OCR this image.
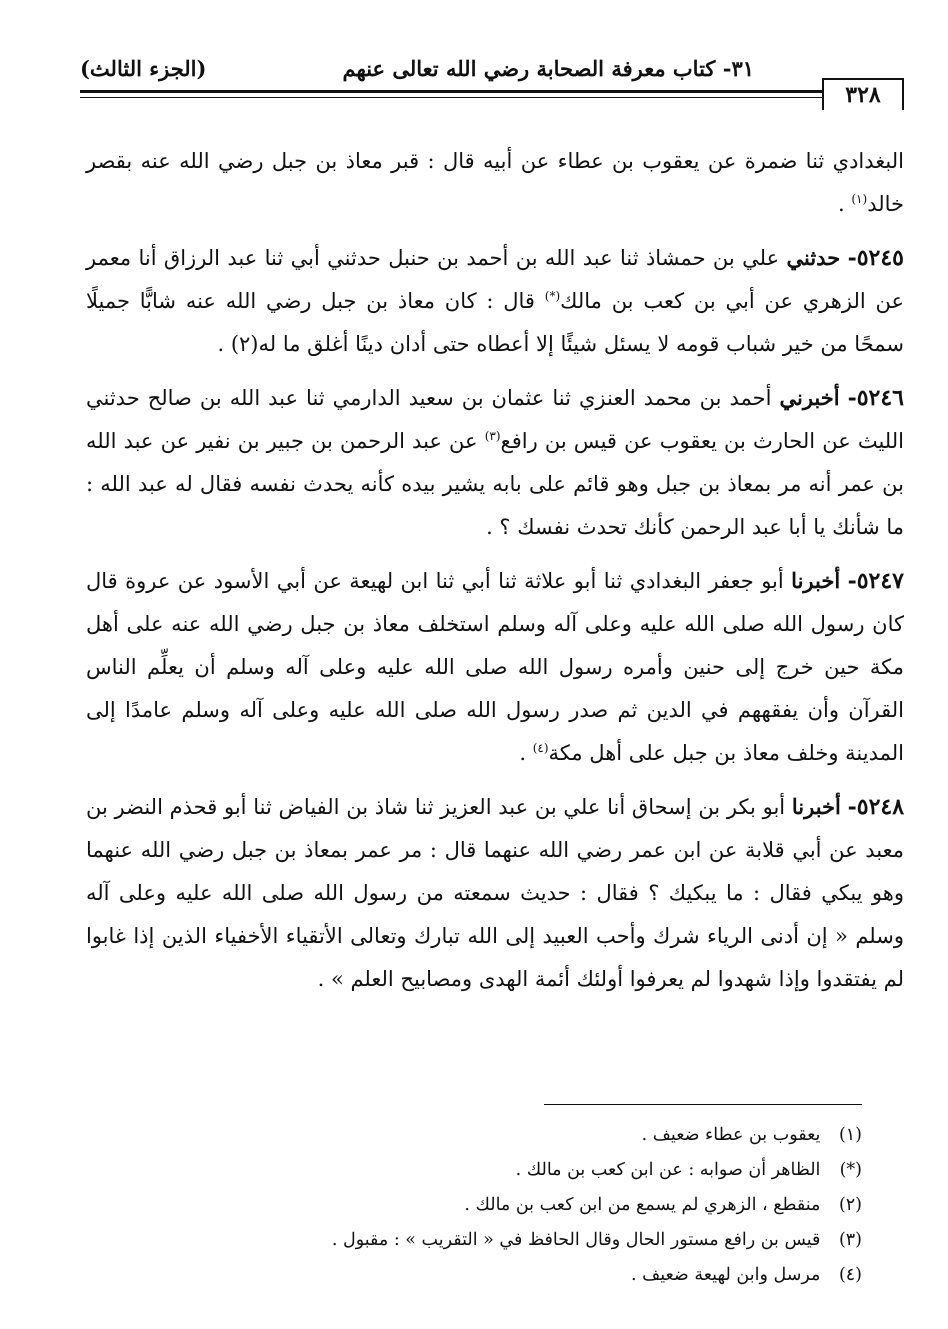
٣٢٨
٣١- كتاب معرفة الصحابة رضي الله تعالى عنهم
(الجزء الثالث)

البغدادي ثنا ضمرة عن يعقوب بن عطاء عن أبيه قال : قبر معاذ بن جبل رضي الله عنه بقصر خالد$^{(١)}$ .

٥٢٤٥- حدثني علي بن حمشاذ ثنا عبد الله بن أحمد بن حنبل حدثني أبي ثنا عبد الرزاق أنا معمر عن الزهري عن أبي بن كعب بن مالك(*) قال : كان معاذ بن جبل رضي الله عنه شابًّا جميلًا سمحًا من خير شباب قومه لا يسئل شيئًا إلا أعطاه حتى أدان دينًا أغلق ما له(٢) .

٥٢٤٦- أخبرني أحمد بن محمد العنزي ثنا عثمان بن سعيد الدارمي ثنا عبد الله بن صالح حدثني الليث عن الحارث بن يعقوب عن قيس بن رافع$^{(٣)}$ عن عبد الرحمن بن جبير بن نفير عن عبد الله بن عمر أنه مر بمعاذ بن جبل وهو قائم على بابه يشير بيده كأنه يحدث نفسه فقال له عبد الله : ما شأنك يا أبا عبد الرحمن كأنك تحدث نفسك ؟ .

٥٢٤٧- أخبرنا أبو جعفر البغدادي ثنا أبو علاثة ثنا أبي ثنا ابن لهيعة عن أبي الأسود عن عروة قال كان رسول الله صلى الله عليه وعلى آله وسلم استخلف معاذ بن جبل رضي الله عنه على أهل مكة حين خرج إلى حنين وأمره رسول الله صلى الله عليه وعلى آله وسلم أن يعلِّم الناس القرآن وأن يفقههم في الدين ثم صدر رسول الله صلى الله عليه وعلى آله وسلم عامدًا إلى المدينة وخلف معاذ بن جبل على أهل مكة$^{(٤)}$ .

٥٢٤٨- أخبرنا أبو بكر بن إسحاق أنا علي بن عبد العزيز ثنا شاذ بن الفياض ثنا أبو قحذم النضر بن معبد عن أبي قلابة عن ابن عمر رضي الله عنهما قال : مر عمر بمعاذ بن جبل رضي الله عنهما وهو يبكي فقال : ما يبكيك ؟ فقال : حديث سمعته من رسول الله صلى الله عليه وعلى آله وسلم « إن أدنى الرياء شرك وأحب العبيد إلى الله تبارك وتعالى الأتقياء الأخفياء الذين إذا غابوا لم يفتقدوا وإذا شهدوا لم يعرفوا أولئك أئمة الهدى ومصابيح العلم » .

(١) يعقوب بن عطاء ضعيف .

(*) الظاهر أن صوابه : عن ابن كعب بن مالك .

(٢) منقطع ، الزهري لم يسمع من ابن كعب بن مالك .

(٣) قيس بن رافع مستور الحال وقال الحافظ في « التقريب » : مقبول .

(٤) مرسل وابن لهيعة ضعيف .
